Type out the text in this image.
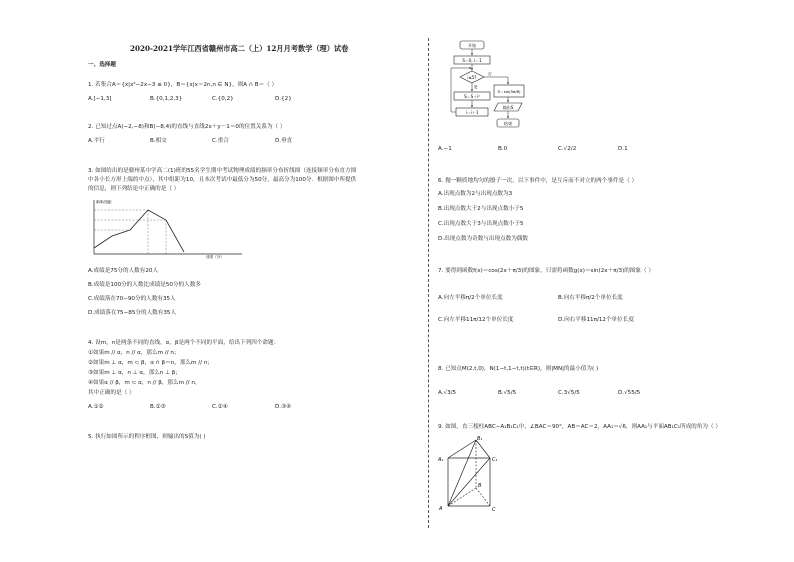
2020-2021学年江西省赣州市高二（上）12月月考数学（理）试卷
一、选择题
1. 若集合A＝{x|x²−2x−3 ≤ 0}，B＝{x|x＝2n,n ∈ N}，则A ∩ B＝（ ）
A.[−1,3]	B.{0,1,2,3}	C.{0,2}	D.{2}
2. 已知过点A(−2,−8)和B(−8,4)的直线与直线2x＋y－1＝0的位置关系为（ ）
A.平行	B.相交	C.重合	D.垂直
3. 如图给出的是赣州某中学高二(1)班的55名学生期中考试物理成绩的频率分布折线图（连接频率分布直方图
中各小长方形上端的中点），其中组距为10，且本次考试中最低分为50分，最高分为100分．根据图中所提供
的信息，则下列结论中正确的是（ ）
频率/组距
成绩（分）
A.成绩是75分的人数有20人
B.成绩是100分的人数比成绩是50分的人数多
C.成绩落在70−90分的人数有35人
D.成绩落在75−85分的人数有35人
4. 设m，n是两条不同的直线，α，β是两个不同的平面，给出下列四个命题：
①如果m // α，n // α，那么m // n；
②如果m ⊥ α，m ⊂ β，α ∩ β＝n，那么m // n；
③如果m ⊥ α，n ⊥ α，那么n ⊥ β；
④如果α // β，m ⊂ α，n // β，那么m // n，
其中正确的是（ ）
A.①②	B.②③	C.②④	D.③④
5. 执行如图所示的程序框图，则输出的S值为( )
开始
S＝0, i＝1
i≤5?
是
否
S＝sin(5π/6)
S＝S＋i²
输出S
结束
i＝i＋1
A.−1	B.0	C.√2/2	D.1
6. 抛一颗质地均匀的骰子一次，以下事件中，是互斥而不对立的两个事件是（ ）
A.出现点数为2与出现点数为3
B.出现点数大于2与出现点数小于5
C.出现点数大于3与出现点数小于5
D.出现点数为奇数与出现点数为偶数
7. 要得到函数f(x)＝cos(2x＋π/3)的图象，只需将函数g(x)＝sin(2x＋π/3)的图象（ ）
A.向左平移π/2个单位长度	B.向右平移π/2个单位长度
C.向左平移11π/12个单位长度	D.向右平移11π/12个单位长度
8. 已知点M(2,t,0)，N(1−t,1−t,t)(t∈R)，则|MN|的最小值为( )
A.√3/5	B.√5/5	C.3√5/5	D.√55/5
9. 如图，直三棱柱ABC−A₁B₁C₁中，∠BAC＝90°，AB＝AC＝2，AA₁＝√6，则AA₁与平面AB₁C₁所成的角为（ ）
A₁
B₁
C₁
A
B
C
